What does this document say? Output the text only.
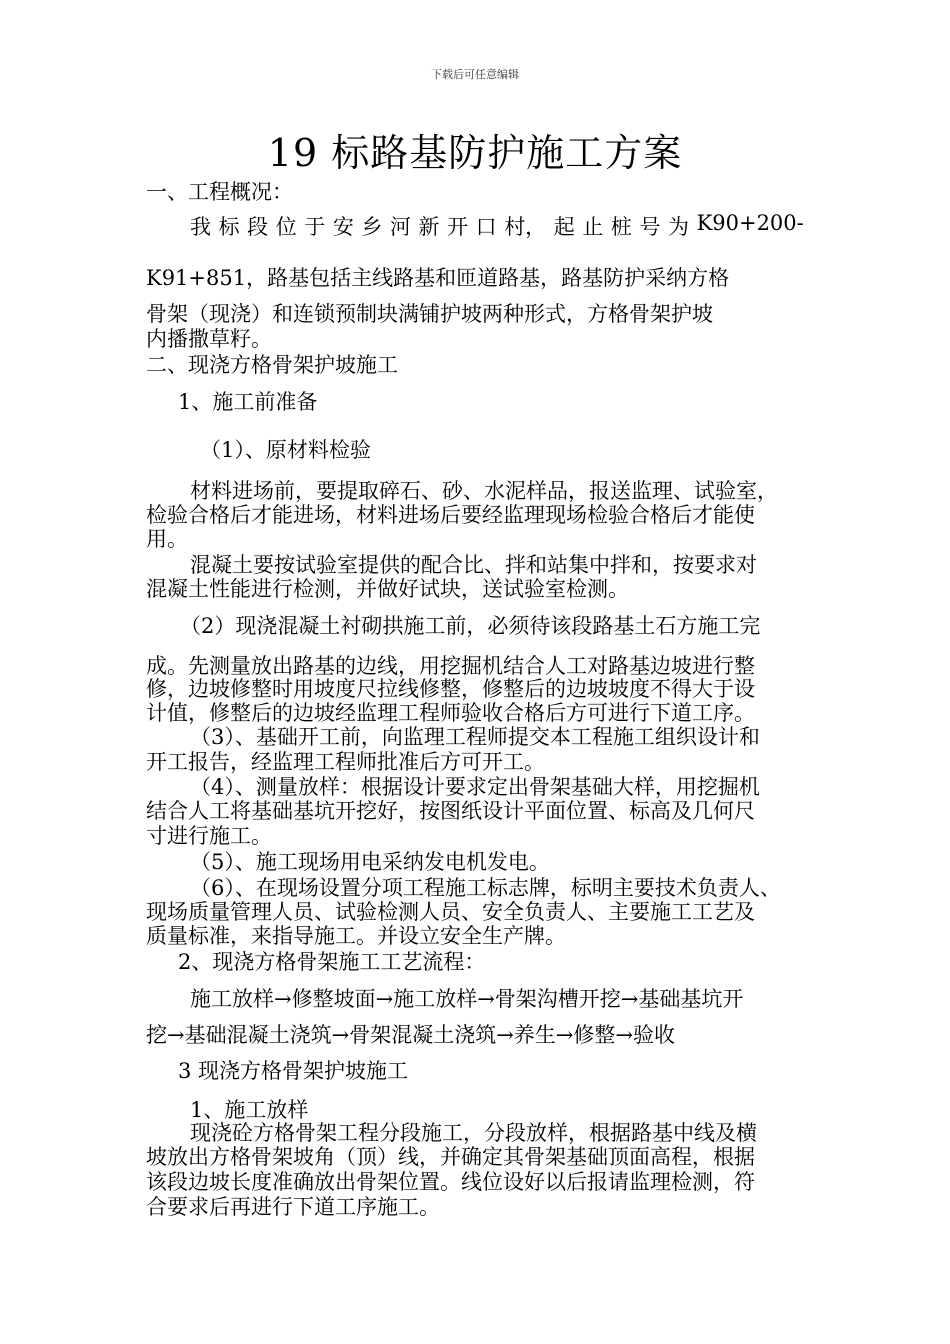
下载后可任意编辑
19 标路基防护施工方案
一、工程概况：
我 标 段 位 于 安 乡 河 新 开 口 村， 起 止 桩 号 为 K90+200-
K91+851，路基包括主线路基和匝道路基，路基防护采纳方格
骨架（现浇）和连锁预制块满铺护坡两种形式，方格骨架护坡
内播撒草籽。
二、现浇方格骨架护坡施工
1、施工前准备
（1）、原材料检验
材料进场前，要提取碎石、砂、水泥样品，报送监理、试验室，
检验合格后才能进场，材料进场后要经监理现场检验合格后才能使
用。
混凝土要按试验室提供的配合比、拌和站集中拌和，按要求对
混凝土性能进行检测，并做好试块，送试验室检测。
（2）现浇混凝土衬砌拱施工前，必须待该段路基土石方施工完
成。先测量放出路基的边线，用挖掘机结合人工对路基边坡进行整
修，边坡修整时用坡度尺拉线修整，修整后的边坡坡度不得大于设
计值，修整后的边坡经监理工程师验收合格后方可进行下道工序。
（3）、基础开工前，向监理工程师提交本工程施工组织设计和
开工报告，经监理工程师批准后方可开工。
（4）、测量放样：根据设计要求定出骨架基础大样，用挖掘机
结合人工将基础基坑开挖好，按图纸设计平面位置、标高及几何尺
寸进行施工。
（5）、施工现场用电采纳发电机发电。
（6）、在现场设置分项工程施工标志牌，标明主要技术负责人、
现场质量管理人员、试验检测人员、安全负责人、主要施工工艺及
质量标准，来指导施工。并设立安全生产牌。
2、现浇方格骨架施工工艺流程：
施工放样→修整坡面→施工放样→骨架沟槽开挖→基础基坑开
挖→基础混凝土浇筑→骨架混凝土浇筑→养生→修整→验收
3 现浇方格骨架护坡施工
1、施工放样
现浇砼方格骨架工程分段施工，分段放样，根据路基中线及横
坡放出方格骨架坡角（顶）线，并确定其骨架基础顶面高程，根据
该段边坡长度准确放出骨架位置。线位设好以后报请监理检测，符
合要求后再进行下道工序施工。
